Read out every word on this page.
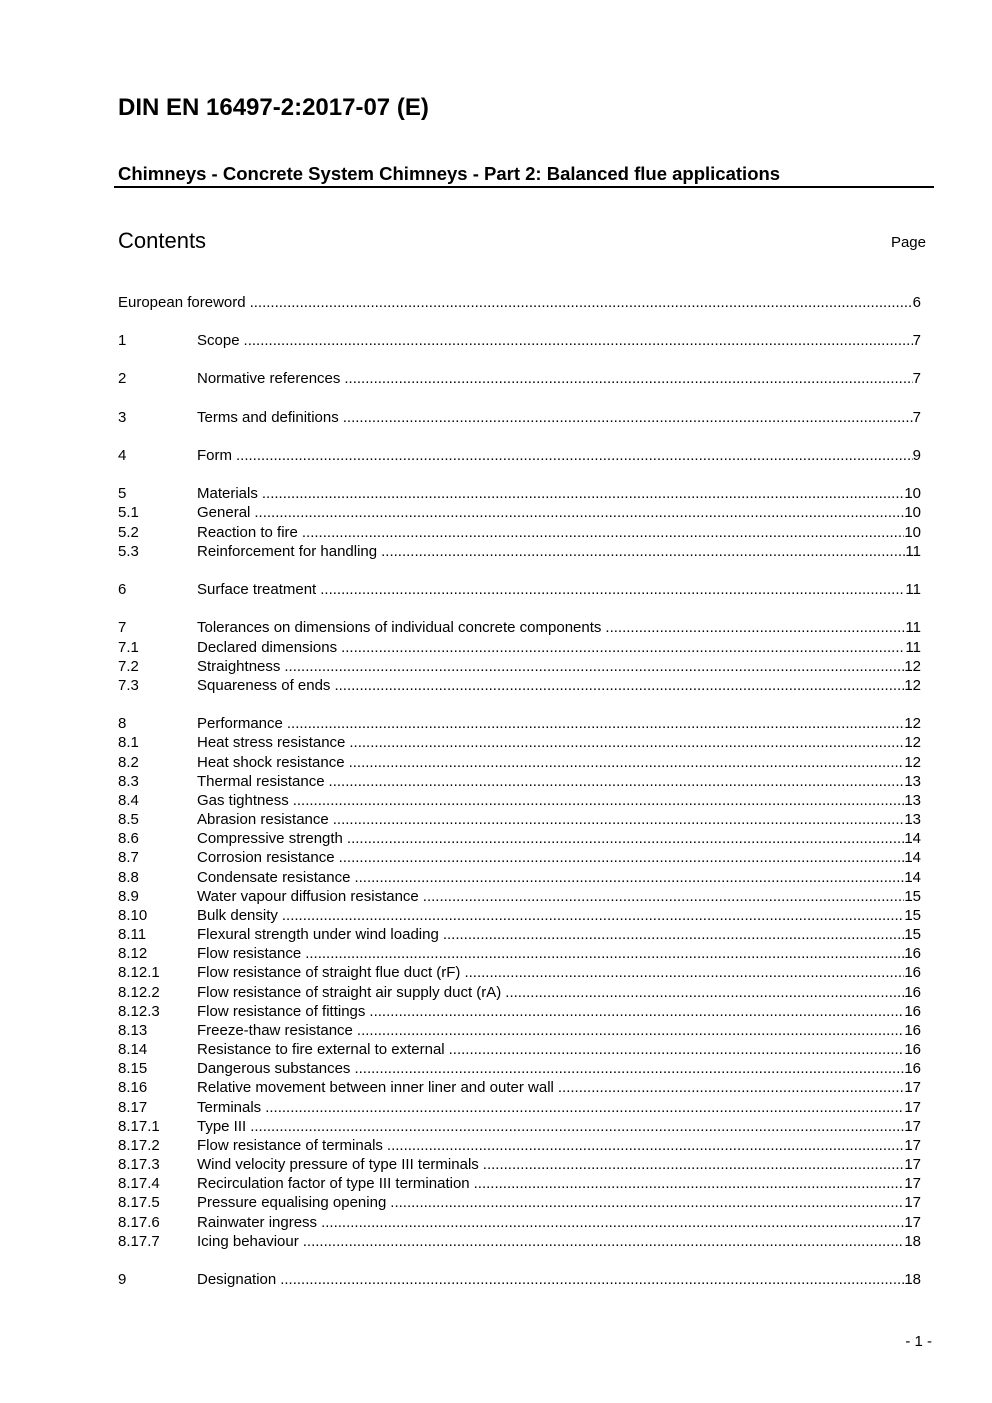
DIN EN 16497-2:2017-07 (E)
Chimneys - Concrete System Chimneys - Part 2: Balanced flue applications
Contents	Page
European foreword .....	6
1	Scope .....	7
2	Normative references .....	7
3	Terms and definitions .....	7
4	Form .....	9
5	Materials .....	10
5.1	General .....	10
5.2	Reaction to fire .....	10
5.3	Reinforcement for handling .....	11
6	Surface treatment .....	11
7	Tolerances on dimensions of individual concrete components .....	11
7.1	Declared dimensions .....	11
7.2	Straightness .....	12
7.3	Squareness of ends .....	12
8	Performance .....	12
8.1	Heat stress resistance .....	12
8.2	Heat shock resistance .....	12
8.3	Thermal resistance .....	13
8.4	Gas tightness .....	13
8.5	Abrasion resistance .....	13
8.6	Compressive strength .....	14
8.7	Corrosion resistance .....	14
8.8	Condensate resistance .....	14
8.9	Water vapour diffusion resistance .....	15
8.10	Bulk density .....	15
8.11	Flexural strength under wind loading .....	15
8.12	Flow resistance .....	16
8.12.1	Flow resistance of straight flue duct (rF) .....	16
8.12.2	Flow resistance of straight air supply duct (rA) .....	16
8.12.3	Flow resistance of fittings .....	16
8.13	Freeze-thaw resistance .....	16
8.14	Resistance to fire external to external .....	16
8.15	Dangerous substances .....	16
8.16	Relative movement between inner liner and outer wall .....	17
8.17	Terminals .....	17
8.17.1	Type III .....	17
8.17.2	Flow resistance of terminals .....	17
8.17.3	Wind velocity pressure of type III terminals .....	17
8.17.4	Recirculation factor of type III termination .....	17
8.17.5	Pressure equalising opening .....	17
8.17.6	Rainwater ingress .....	17
8.17.7	Icing behaviour .....	18
9	Designation .....	18
- 1 -
